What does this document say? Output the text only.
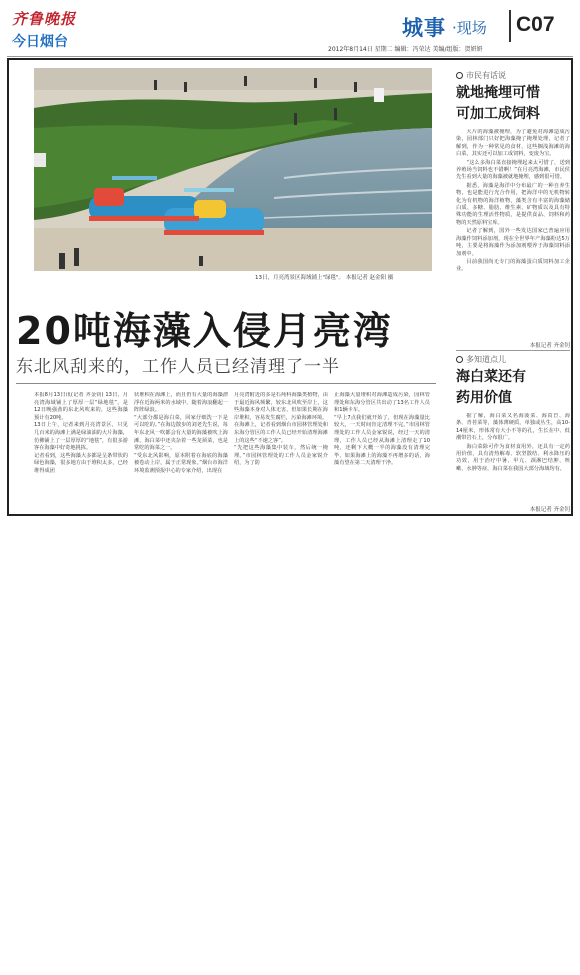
齐鲁晚报
今日烟台
城事 ·现场 C07
2012年8月14日 星期二 编辑：冯荣达 美编/组版：贺妍妍
13日，月亮湾景区海域铺上"绿毯"。 本报记者 赵金阳 摄
20吨海藻入侵月亮湾
东北风刮来的，工作人员已经清理了一半

本报8月13日讯(记者 齐金钊) 13日，月亮湾海域铺上了厚厚一层“绿地毯”，是12日晚强劲的东北风吹来的，这些海藻预计有20吨。
13日上午，记者来到月亮湾景区，只见几百米的海滩上满是绿油油的大片海藻，仿佛铺上了一层厚厚的“地毯”，有很多游客在海藻中好奇地挑拣。
记者看到，这些海藻大多都是呈条带状的绿色海藻，很多地方由于堆积太多，已经堆得成团

状堆积在海滩上，而且仍有大量的海藻漂浮在近海两米的水域中，随着海浪翻起一阵阵绿浪。
“大部分都是海白菜，回家仔细洗一下是可以吃的。”在海边散步的刘老先生说，每年东北风一吹都会有大量的海藻被吹上海滩，海白菜中还夹杂着一些龙须菜，也是常吃的海菜之一。
“受东北风影响，原本附着在海底的海藻被卷动上岸，属于正常现象。”烟台市海洋环境监测预报中心的专家介绍，出现在

月亮湾附近的多是石莼科海藻类植物，由于最近海风频繁，较东北风吹至岸上，这些海藻本身对人体无害，但如果长期在海岸堆积，容易发生腐烂，污染海滩环境。
在海滩上，记者看到烟台市园林管理处和东海分管区的工作人员已经开始清理海滩上的这些“不速之客”。
“先把这些海藻集中装车，然后统一掩埋。”市园林管理处的工作人员金家锐介绍，为了防

止海藻大量堆积对海滩造成污染，园林管理处和东海分管区共出动了13名工作人员和1辆卡车。
“早上7点我们就开始了，但现在海藻量比较大，一天时间肯定清理不完。”市园林管理处的工作人员金家锐说，经过一天的清理，工作人员已经从海滩上清理走了10吨，还剩下大概一半的海藻没有清理完毕，如果海滩上的海藻不再增多的话，海藻有望在第二天清理干净。

市民有话说
就地掩埋可惜
可加工成饲料

大片的海藻被掩埋，为了避免对海滩造成污染，园林部门只好把海藻掩了掩埋处理，记者了解到，作为一种常见的食材，这些搁浅海滩的海白菜，其实还可以加工成饲料，变废为宝。

“这么多海白菜直接掩埋起来太可惜了，送到养殖场当饲料也不错啊！”在月亮湾海滩，市民侯先生看到大量的海藻被就地掩埋，感到很可惜。

据悉，海藻是海洋中分布最广的一种自养生物，也是能进行光合作用，把海洋中的无机物转化为有机物的海洋植物，藻类含有丰富的海藻储白质、多糖、脂肪、维生素、矿物质以及具有特殊功能的生理活性物质，是提供食品、饲料和药物的天然原料宝库。

记者了解到，国外一些发达国家已普遍应用海藻作饲料添加剂，现在全世界年产海藻粉达5万吨，主要是将海藻作为添加剂喂养于海藻饲料添加剂中。

目前我国尚无专门的海藻蛋白质饲料加工企业。

本报记者 齐金钊
多知道点儿
海白菜还有
药用价值

据了解，海白菜又名海菠菜、海莴苣、海条、青苔菜等，藻体薄硬质，单独或丛生，高10-14厘米，形体常有大小不等的孔，生长在中、低潮带岩石上，分布很广。

海白菜除可作为食材食用外，还具有一定药用价值，具有清热解毒、软坚散结、利水降压的功效，用于治疗中暑、甲亢、颈淋巴结肿、咳嗽、水肿等症，海白菜在我国大部分海域均有。

本报记者 齐金钊
